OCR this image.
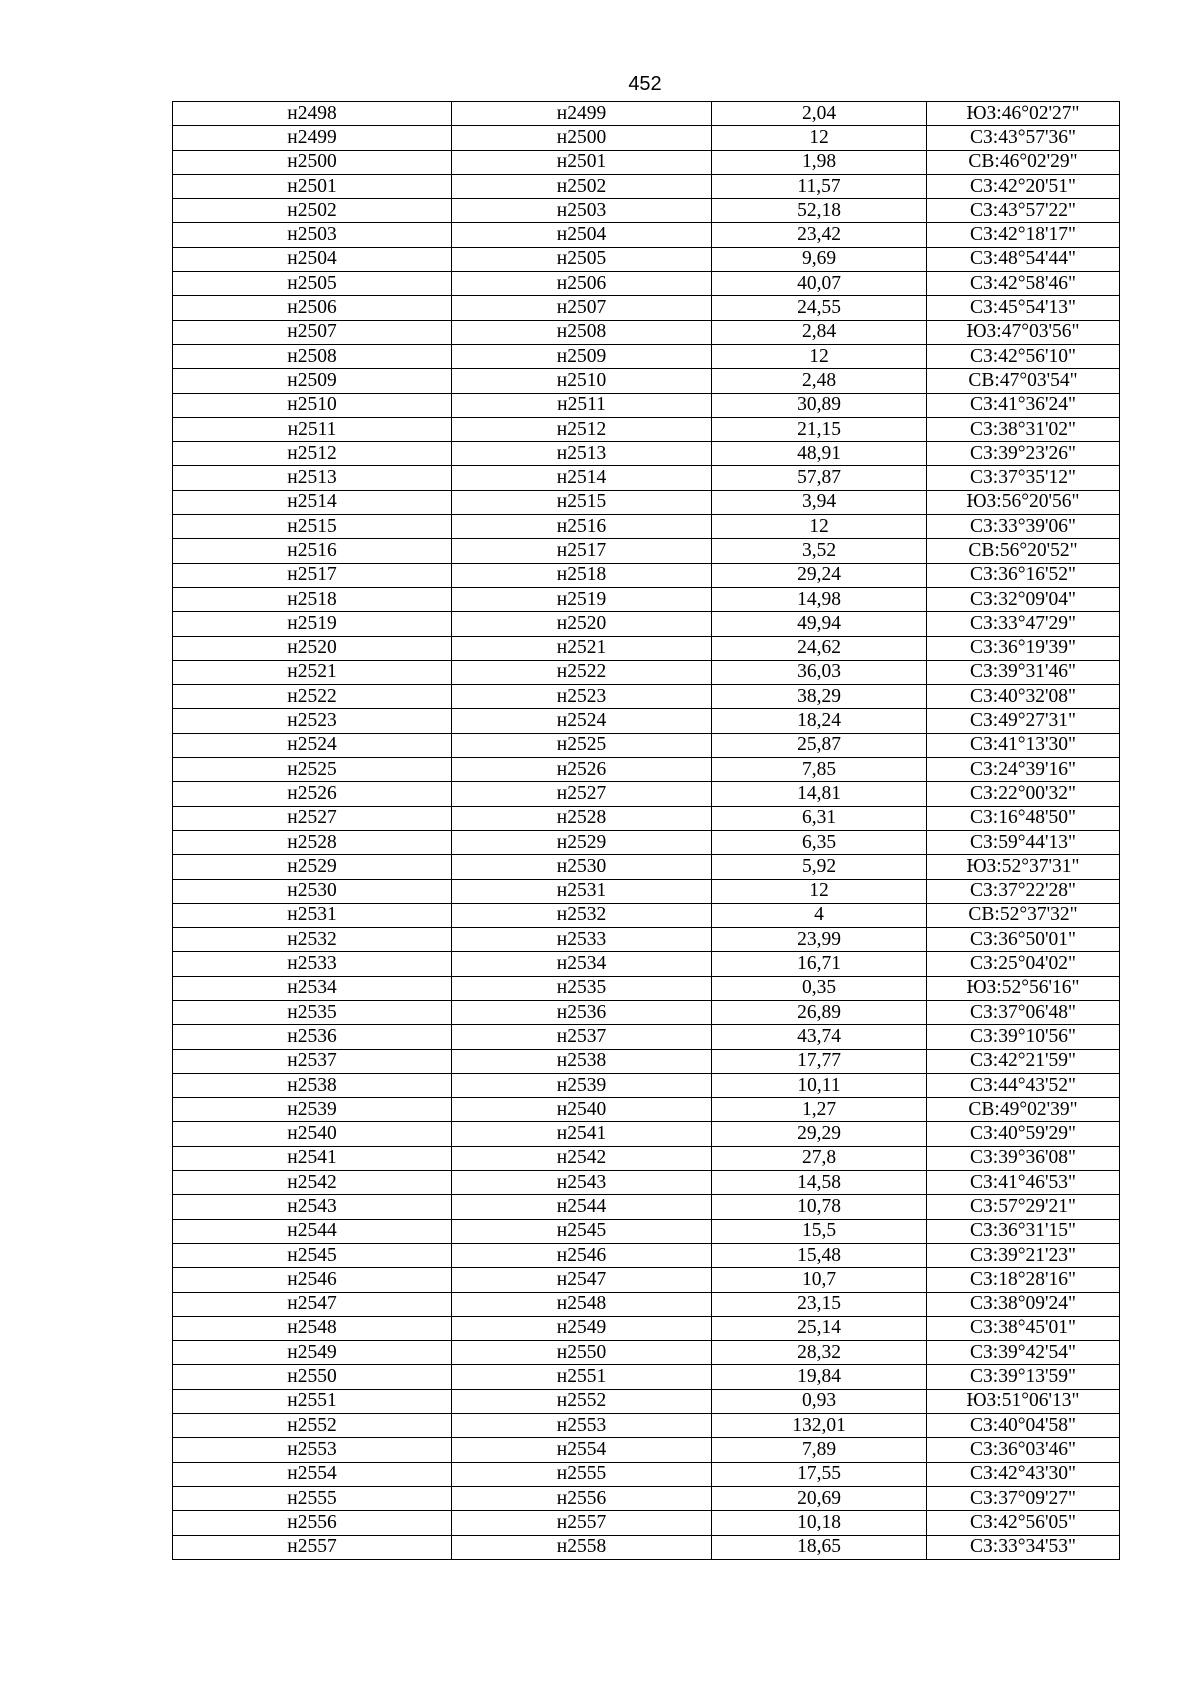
452
н2498	н2499	2,04	ЮЗ:46°02'27"
н2499	н2500	12	СЗ:43°57'36"
н2500	н2501	1,98	СВ:46°02'29"
н2501	н2502	11,57	СЗ:42°20'51"
н2502	н2503	52,18	СЗ:43°57'22"
н2503	н2504	23,42	СЗ:42°18'17"
н2504	н2505	9,69	СЗ:48°54'44"
н2505	н2506	40,07	СЗ:42°58'46"
н2506	н2507	24,55	СЗ:45°54'13"
н2507	н2508	2,84	ЮЗ:47°03'56"
н2508	н2509	12	СЗ:42°56'10"
н2509	н2510	2,48	СВ:47°03'54"
н2510	н2511	30,89	СЗ:41°36'24"
н2511	н2512	21,15	СЗ:38°31'02"
н2512	н2513	48,91	СЗ:39°23'26"
н2513	н2514	57,87	СЗ:37°35'12"
н2514	н2515	3,94	ЮЗ:56°20'56"
н2515	н2516	12	СЗ:33°39'06"
н2516	н2517	3,52	СВ:56°20'52"
н2517	н2518	29,24	СЗ:36°16'52"
н2518	н2519	14,98	СЗ:32°09'04"
н2519	н2520	49,94	СЗ:33°47'29"
н2520	н2521	24,62	СЗ:36°19'39"
н2521	н2522	36,03	СЗ:39°31'46"
н2522	н2523	38,29	СЗ:40°32'08"
н2523	н2524	18,24	СЗ:49°27'31"
н2524	н2525	25,87	СЗ:41°13'30"
н2525	н2526	7,85	СЗ:24°39'16"
н2526	н2527	14,81	СЗ:22°00'32"
н2527	н2528	6,31	СЗ:16°48'50"
н2528	н2529	6,35	СЗ:59°44'13"
н2529	н2530	5,92	ЮЗ:52°37'31"
н2530	н2531	12	СЗ:37°22'28"
н2531	н2532	4	СВ:52°37'32"
н2532	н2533	23,99	СЗ:36°50'01"
н2533	н2534	16,71	СЗ:25°04'02"
н2534	н2535	0,35	ЮЗ:52°56'16"
н2535	н2536	26,89	СЗ:37°06'48"
н2536	н2537	43,74	СЗ:39°10'56"
н2537	н2538	17,77	СЗ:42°21'59"
н2538	н2539	10,11	СЗ:44°43'52"
н2539	н2540	1,27	СВ:49°02'39"
н2540	н2541	29,29	СЗ:40°59'29"
н2541	н2542	27,8	СЗ:39°36'08"
н2542	н2543	14,58	СЗ:41°46'53"
н2543	н2544	10,78	СЗ:57°29'21"
н2544	н2545	15,5	СЗ:36°31'15"
н2545	н2546	15,48	СЗ:39°21'23"
н2546	н2547	10,7	СЗ:18°28'16"
н2547	н2548	23,15	СЗ:38°09'24"
н2548	н2549	25,14	СЗ:38°45'01"
н2549	н2550	28,32	СЗ:39°42'54"
н2550	н2551	19,84	СЗ:39°13'59"
н2551	н2552	0,93	ЮЗ:51°06'13"
н2552	н2553	132,01	СЗ:40°04'58"
н2553	н2554	7,89	СЗ:36°03'46"
н2554	н2555	17,55	СЗ:42°43'30"
н2555	н2556	20,69	СЗ:37°09'27"
н2556	н2557	10,18	СЗ:42°56'05"
н2557	н2558	18,65	СЗ:33°34'53"
